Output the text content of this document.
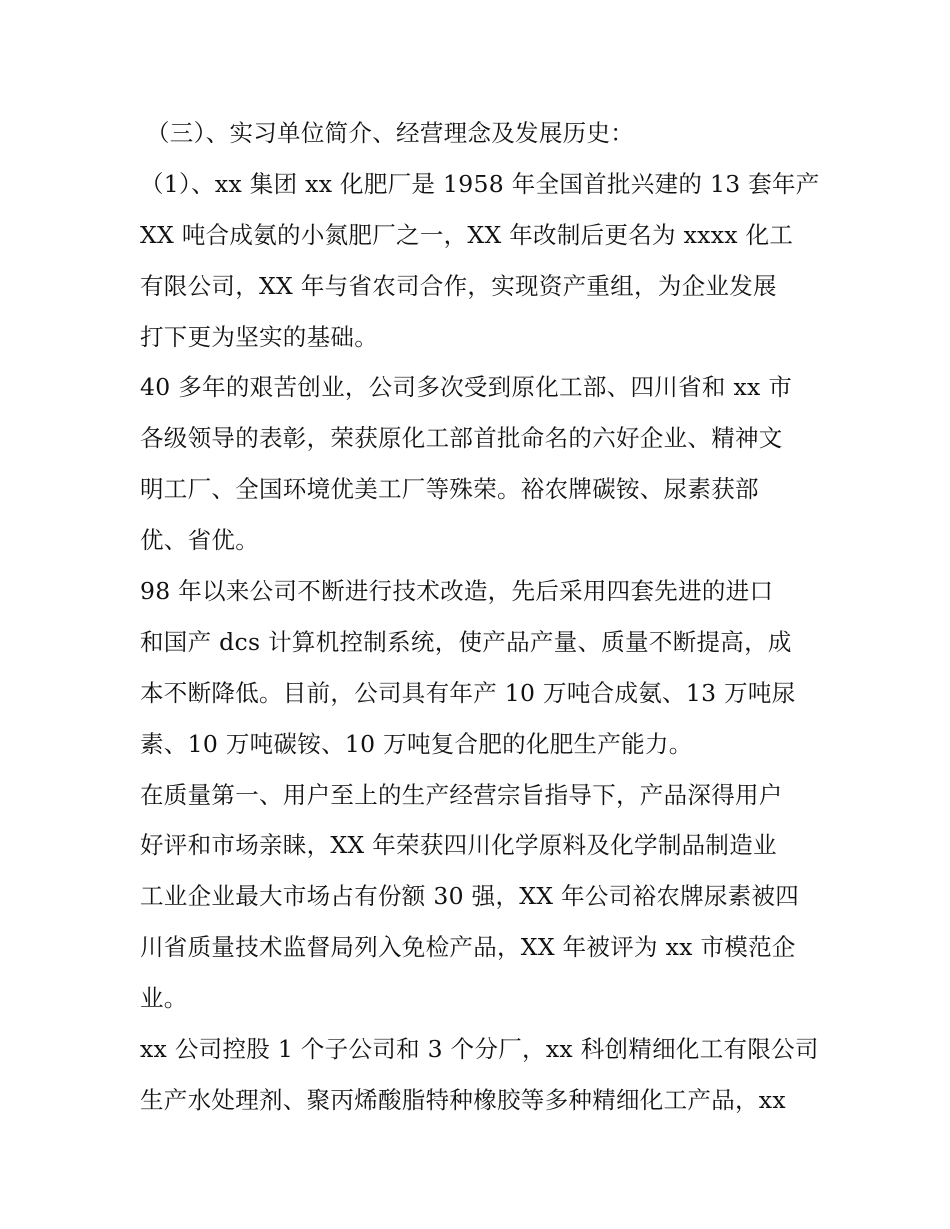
（三）、实习单位简介、经营理念及发展历史：
（1）、xx 集团 xx 化肥厂是 1958 年全国首批兴建的 13 套年产
XX 吨合成氨的小氮肥厂之一，XX 年改制后更名为 xxxx 化工
有限公司，XX 年与省农司合作，实现资产重组，为企业发展
打下更为坚实的基础。
40 多年的艰苦创业，公司多次受到原化工部、四川省和 xx 市
各级领导的表彰，荣获原化工部首批命名的六好企业、精神文
明工厂、全国环境优美工厂等殊荣。裕农牌碳铵、尿素获部
优、省优。
98 年以来公司不断进行技术改造，先后采用四套先进的进口
和国产 dcs 计算机控制系统，使产品产量、质量不断提高，成
本不断降低。目前，公司具有年产 10 万吨合成氨、13 万吨尿
素、10 万吨碳铵、10 万吨复合肥的化肥生产能力。
在质量第一、用户至上的生产经营宗旨指导下，产品深得用户
好评和市场亲睐，XX 年荣获四川化学原料及化学制品制造业
工业企业最大市场占有份额 30 强，XX 年公司裕农牌尿素被四
川省质量技术监督局列入免检产品，XX 年被评为 xx 市模范企
业。
xx 公司控股 1 个子公司和 3 个分厂，xx 科创精细化工有限公司
生产水处理剂、聚丙烯酸脂特种橡胶等多种精细化工产品，xx
